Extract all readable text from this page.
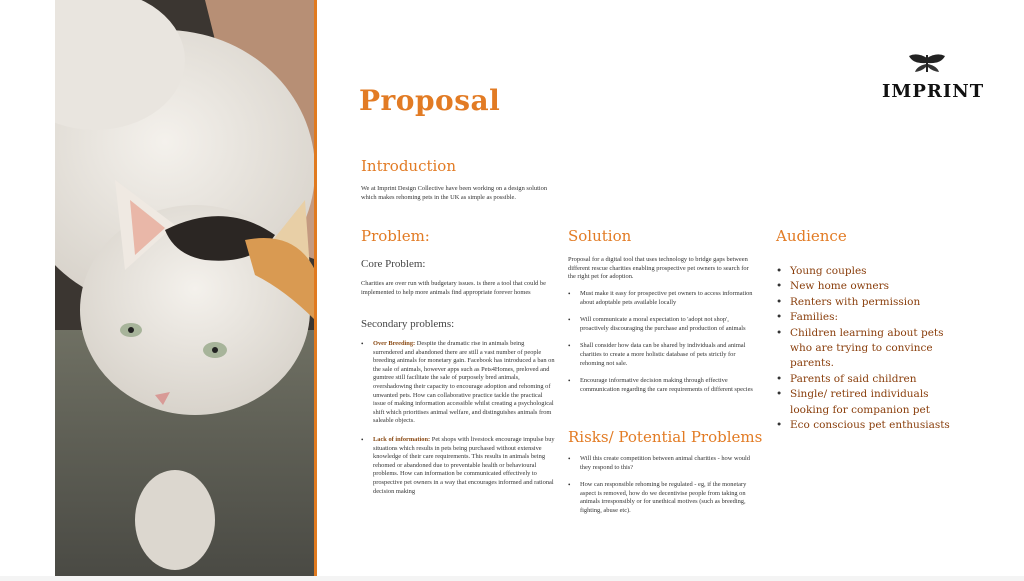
IMPRINT
Proposal
Introduction
We at Imprint Design Collective have been working on a design solution which makes rehoming pets in the UK as simple as possible.
Problem:
Core Problem:
Charities are over run with budgetary issues. is there a tool that could be implemented to help more animals find appropriate forever homes
Secondary problems:
• Over Breeding: Despite the dramatic rise in animals being surrendered and abandoned there are still a vast number of people breeding animals for monetary gain. Facebook has introduced a ban on the sale of animals, however apps such as Pets4Homes, preloved and gumtree still facilitate the sale of purposely bred animals, overshadowing their capacity to encourage adoption and rehoming of unwanted pets. How can collaborative practice tackle the practical issue of making information accessible whilst creating a psychological shift which prioritises animal welfare, and distinguishes animals from saleable objects.
• Lack of information: Pet shops with livestock encourage impulse buy situations which results in pets being purchased without extensive knowledge of their care requirements. This results in animals being rehomed or abandoned due to preventable health or behavioural problems. How can information be communicated effectively to prospective pet owners in a way that encourages informed and rational decision making
Solution
Proposal for a digital tool that uses technology to bridge gaps between different rescue charities enabling prospective pet owners to search for the right pet for adoption.
• Must make it easy for prospective pet owners to access information about adoptable pets available locally
• Will communicate a moral expectation to 'adopt not shop', proactively discouraging the purchase and production of animals
• Shall consider how data can be shared by individuals and animal charities to create a more holistic database of pets strictly for rehoming not sale.
• Encourage informative decision making through effective communication regarding the care requirements of different species
Risks/ Potential Problems
• Will this create competition between animal charities - how would they respond to this?
• How can responsible rehoming be regulated - eg, if the monetary aspect is removed, how do we decentivise people from taking on animals irresponsibly or for unethical motives (such as breeding, fighting, abuse etc).
Audience
• Young couples
• New home owners
• Renters with permission
• Families:
• Children learning about pets who are trying to convince parents.
• Parents of said children
• Single/ retired individuals looking for companion pet
• Eco conscious pet enthusiasts
